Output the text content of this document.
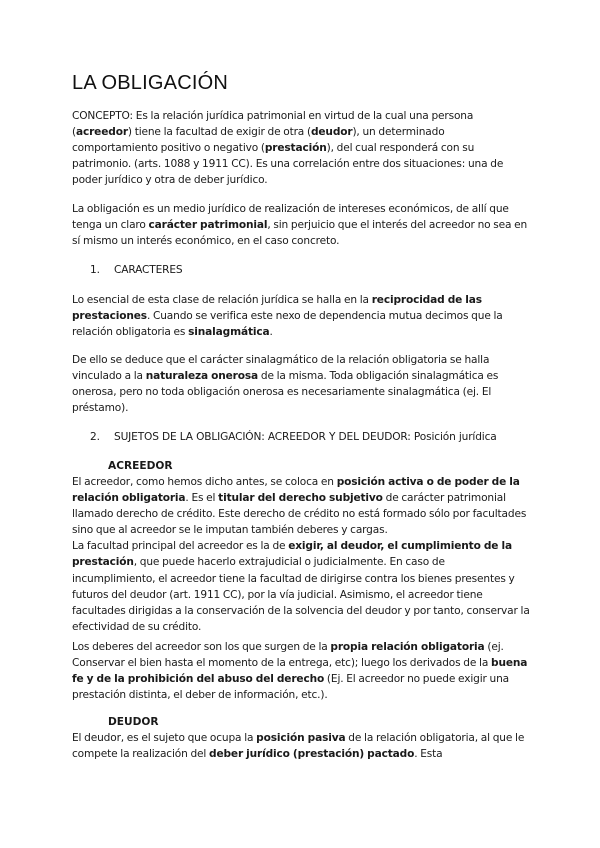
LA OBLIGACIÓN

CONCEPTO: Es la relación jurídica patrimonial en virtud de la cual una persona (acreedor) tiene la facultad de exigir de otra (deudor), un determinado comportamiento positivo o negativo (prestación), del cual responderá con su patrimonio. (arts. 1088 y 1911 CC). Es una correlación entre dos situaciones: una de poder jurídico y otra de deber jurídico.

La obligación es un medio jurídico de realización de intereses económicos, de allí que tenga un claro carácter patrimonial, sin perjuicio que el interés del acreedor no sea en sí mismo un interés económico, en el caso concreto.

1. CARACTERES

Lo esencial de esta clase de relación jurídica se halla en la reciprocidad de las prestaciones. Cuando se verifica este nexo de dependencia mutua decimos que la relación obligatoria es sinalagmática.

De ello se deduce que el carácter sinalagmático de la relación obligatoria se halla vinculado a la naturaleza onerosa de la misma. Toda obligación sinalagmática es onerosa, pero no toda obligación onerosa es necesariamente sinalagmática (ej. El préstamo).

2. SUJETOS DE LA OBLIGACIÓN: ACREEDOR Y DEL DEUDOR: Posición jurídica

ACREEDOR

El acreedor, como hemos dicho antes, se coloca en posición activa o de poder de la relación obligatoria. Es el titular del derecho subjetivo de carácter patrimonial llamado derecho de crédito. Este derecho de crédito no está formado sólo por facultades sino que al acreedor se le imputan también deberes y cargas.
La facultad principal del acreedor es la de exigir, al deudor, el cumplimiento de la prestación, que puede hacerlo extrajudicial o judicialmente. En caso de incumplimiento, el acreedor tiene la facultad de dirigirse contra los bienes presentes y futuros del deudor (art. 1911 CC), por la vía judicial. Asimismo, el acreedor tiene facultades dirigidas a la conservación de la solvencia del deudor y por tanto, conservar la efectividad de su crédito.

Los deberes del acreedor son los que surgen de la propia relación obligatoria (ej. Conservar el bien hasta el momento de la entrega, etc); luego los derivados de la buena fe y de la prohibición del abuso del derecho (Ej. El acreedor no puede exigir una prestación distinta, el deber de información, etc.).

DEUDOR

El deudor, es el sujeto que ocupa la posición pasiva de la relación obligatoria, al que le compete la realización del deber jurídico (prestación) pactado. Esta
